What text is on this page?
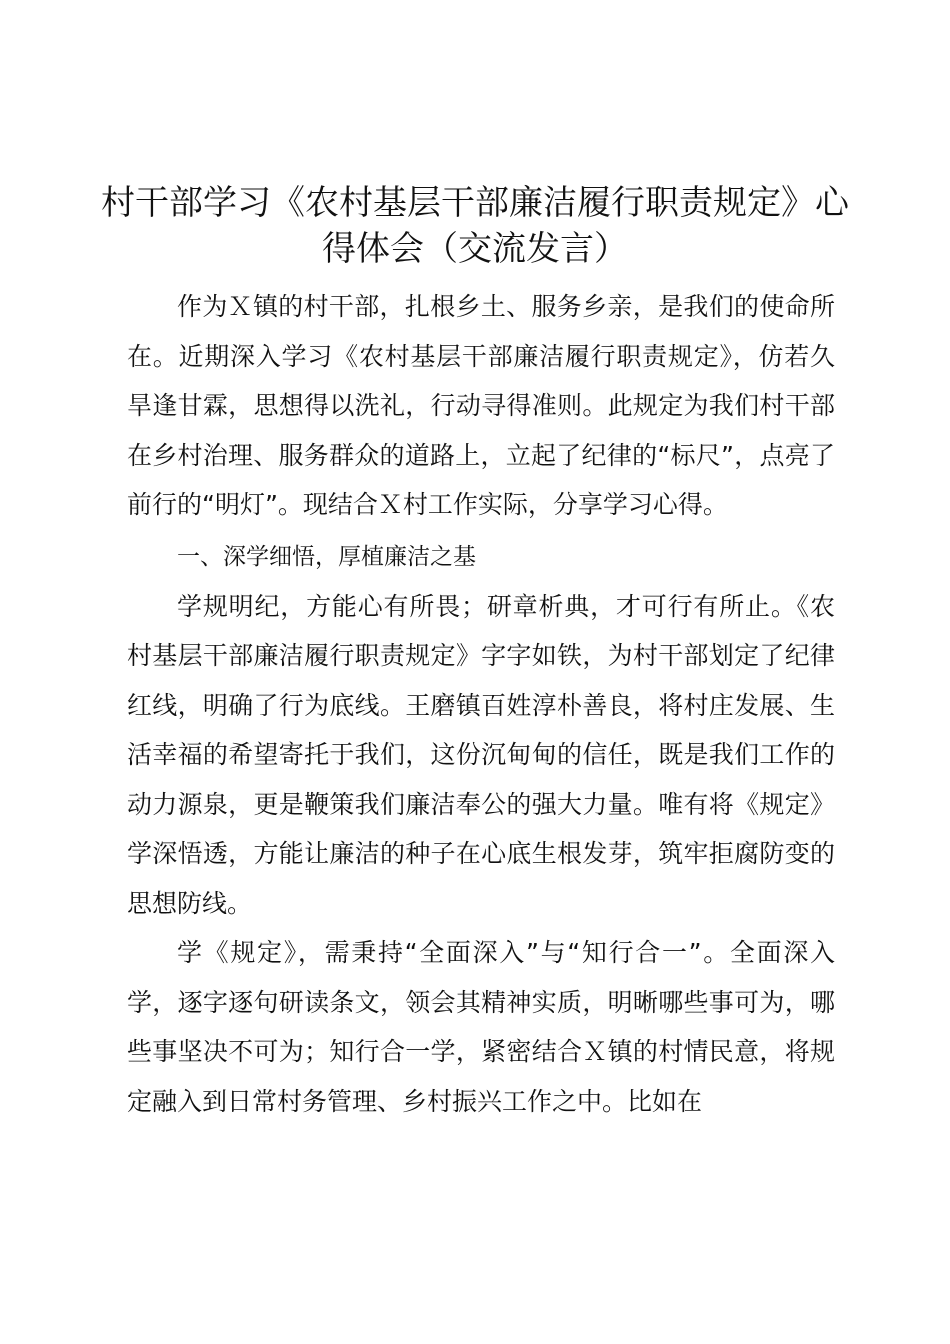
村干部学习《农村基层干部廉洁履行职责规定》心得体会（交流发言）

作为Ｘ镇的村干部，扎根乡土、服务乡亲，是我们的使命所在。近期深入学习《农村基层干部廉洁履行职责规定》，仿若久旱逢甘霖，思想得以洗礼，行动寻得准则。此规定为我们村干部在乡村治理、服务群众的道路上，立起了纪律的“标尺”，点亮了前行的“明灯”。现结合Ｘ村工作实际，分享学习心得。

一、深学细悟，厚植廉洁之基

学规明纪，方能心有所畏；研章析典，才可行有所止。《农村基层干部廉洁履行职责规定》字字如铁，为村干部划定了纪律红线，明确了行为底线。王磨镇百姓淳朴善良，将村庄发展、生活幸福的希望寄托于我们，这份沉甸甸的信任，既是我们工作的动力源泉，更是鞭策我们廉洁奉公的强大力量。唯有将《规定》学深悟透，方能让廉洁的种子在心底生根发芽，筑牢拒腐防变的思想防线。

学《规定》，需秉持“全面深入”与“知行合一”。全面深入学，逐字逐句研读条文，领会其精神实质，明晰哪些事可为，哪些事坚决不可为；知行合一学，紧密结合Ｘ镇的村情民意，将规定融入到日常村务管理、乡村振兴工作之中。比如在
